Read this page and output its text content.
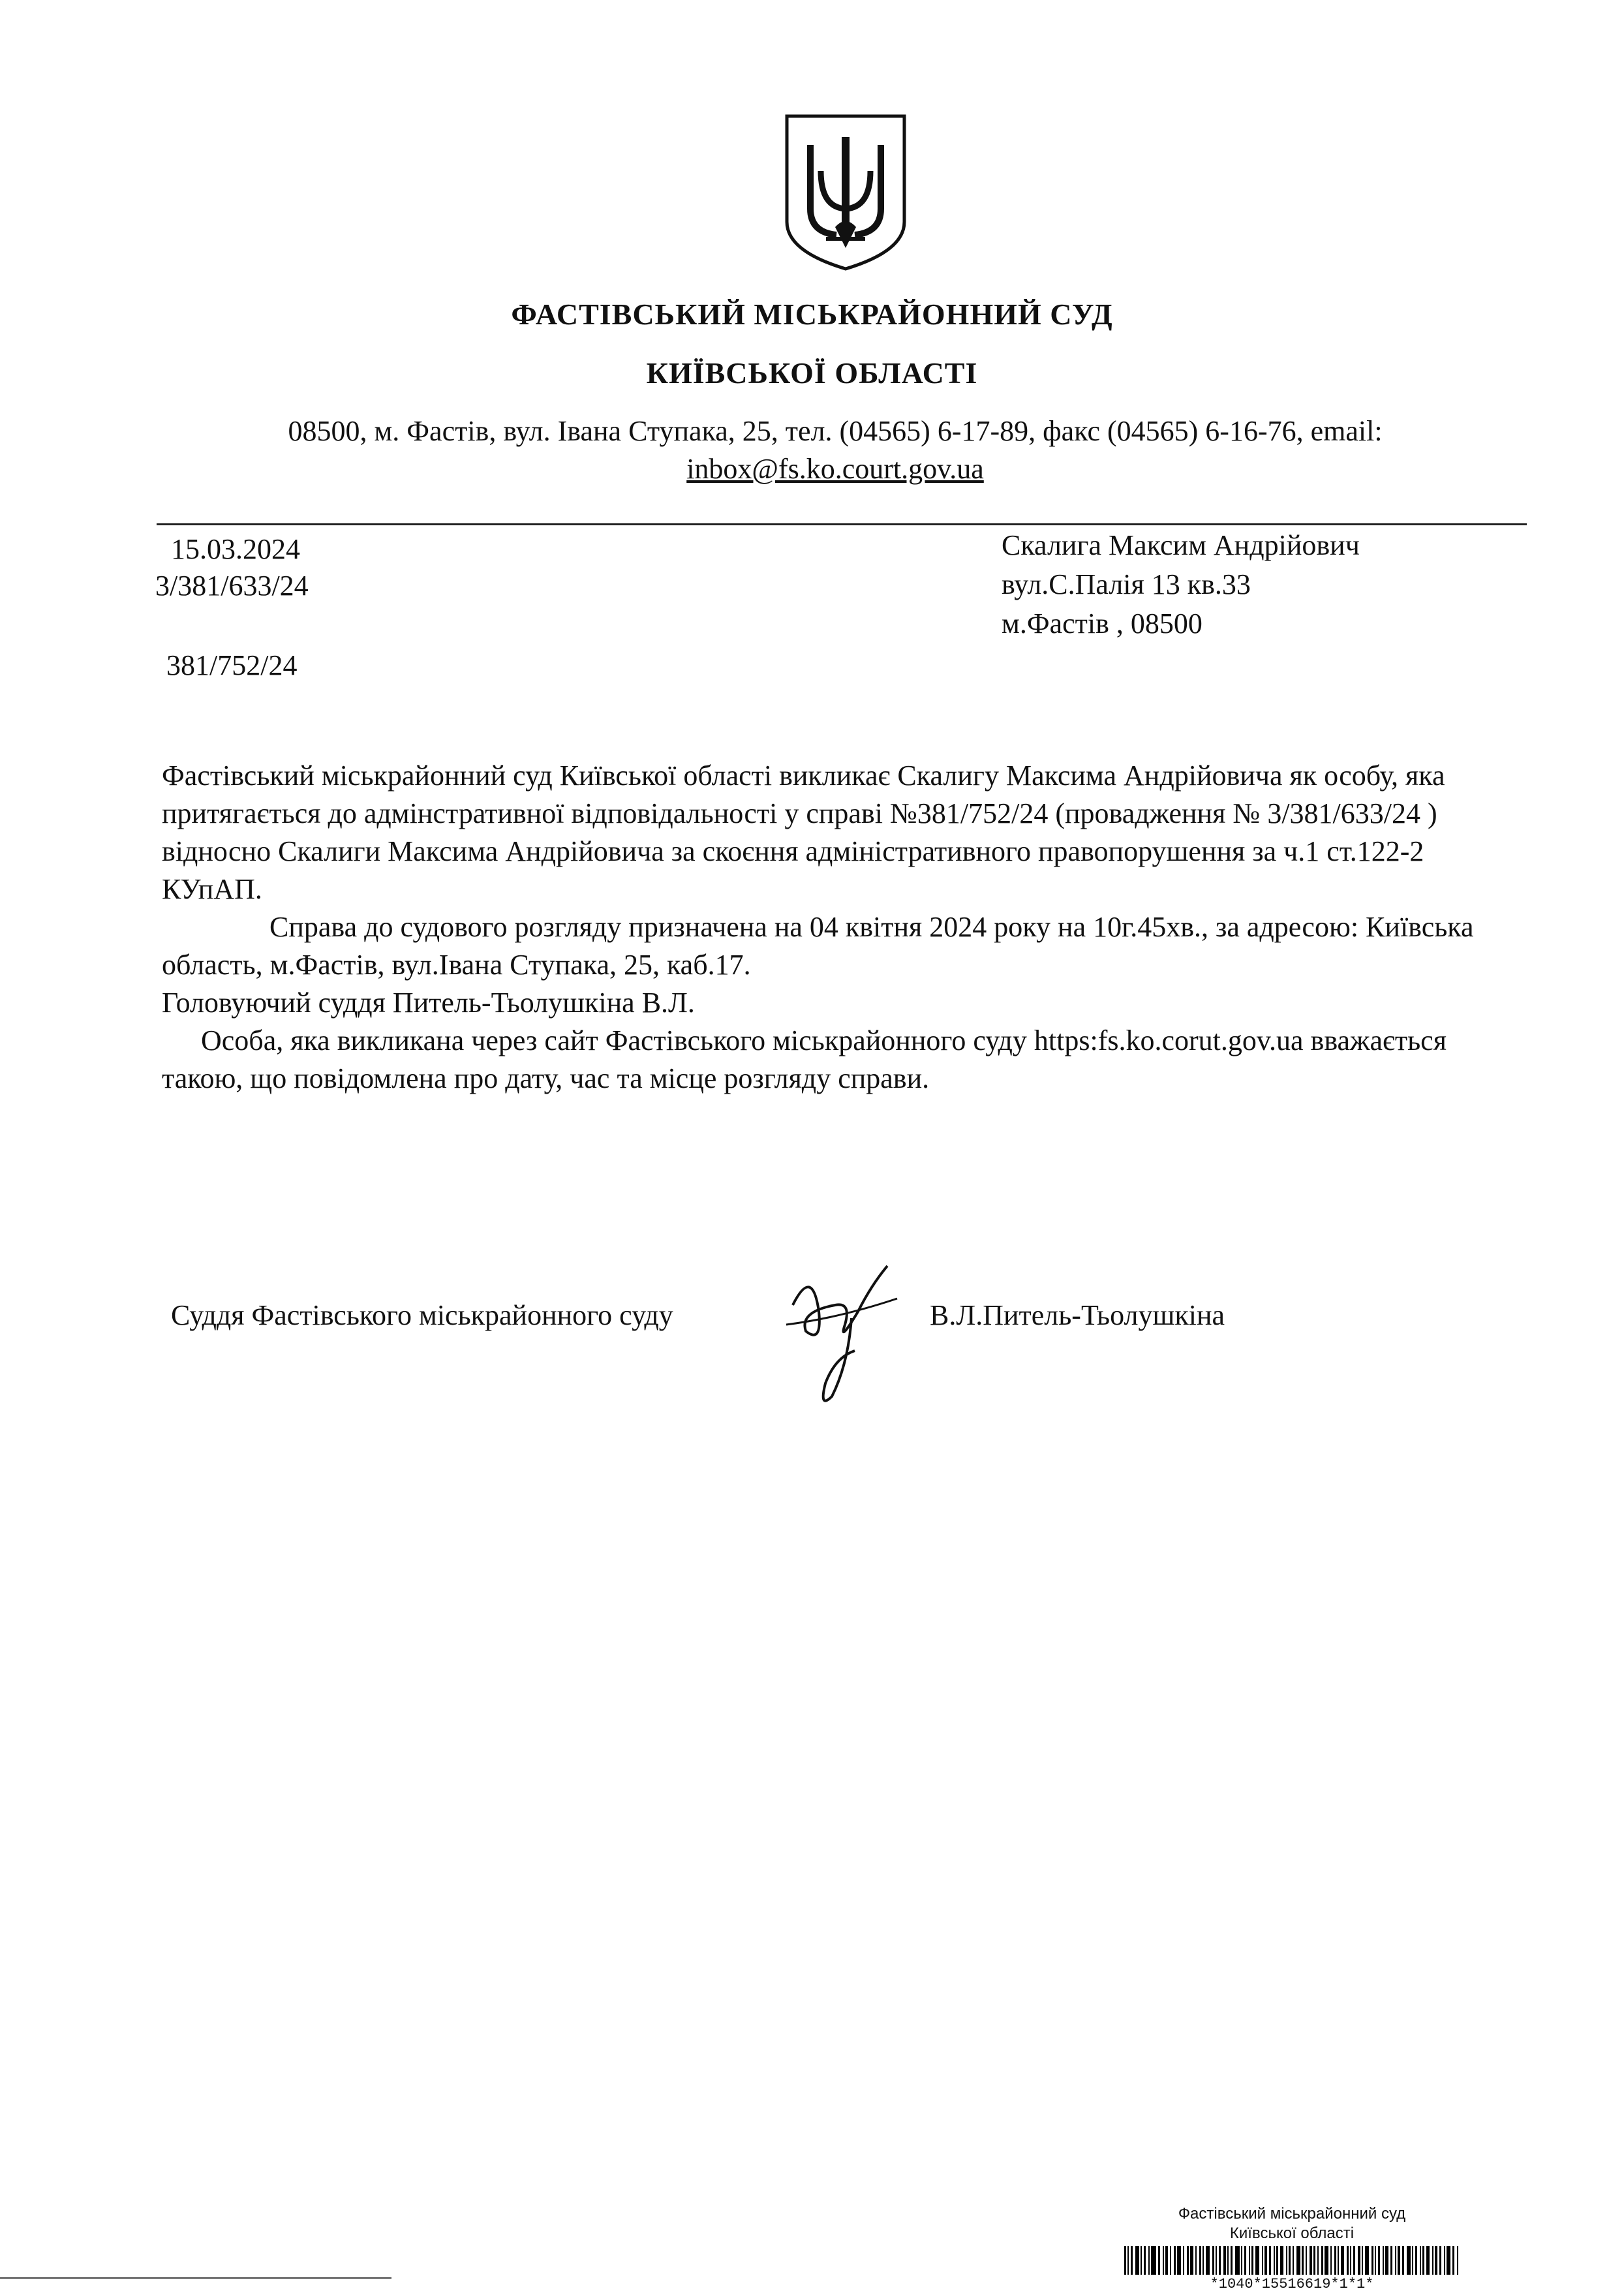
ФАСТІВСЬКИЙ МІСЬКРАЙОННИЙ СУД
КИЇВСЬКОЇ ОБЛАСТІ
08500, м. Фастів, вул. Івана Ступака, 25, тел. (04565) 6-17-89, факс (04565) 6-16-76, email:
inbox@fs.ko.court.gov.ua
15.03.2024
3/381/633/24
381/752/24
Скалига Максим Андрійович
вул.С.Палія 13 кв.33
м.Фастів , 08500

Фастівський міськрайонний суд Київської області викликає Скалигу Максима Андрійовича як особу, яка притягається до адмінстративної відповідальності у справі №381/752/24 (провадження № 3/381/633/24 ) відносно Скалиги Максима Андрійовича за скоєння адміністративного правопорушення за ч.1 ст.122-2 КУпАП.

Справа до судового розгляду призначена на 04 квітня 2024 року на 10г.45хв., за адресою: Київська область, м.Фастів, вул.Івана Ступака, 25, каб.17.

Головуючий суддя Питель-Тьолушкіна В.Л.

Особа, яка викликана через сайт Фастівського міськрайонного суду https:fs.ko.corut.gov.ua вважається такою, що повідомлена про дату, час та місце розгляду справи.

Суддя Фастівського міськрайонного суду	В.Л.Питель-Тьолушкіна
Фастівський міськрайонний суд
Київської області
*1040*15516619*1*1*
